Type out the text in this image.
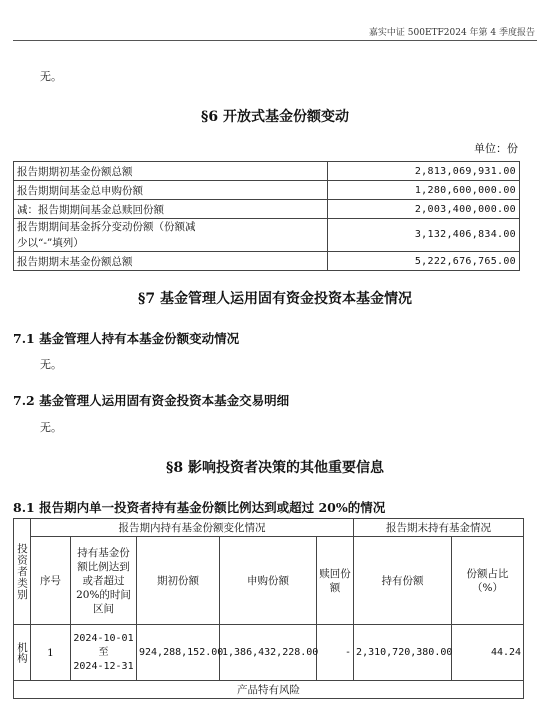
嘉实中证 500ETF2024 年第 4 季度报告
无。
§6 开放式基金份额变动
单位：份
报告期期初基金份额总额	2,813,069,931.00
报告期期间基金总申购份额	1,280,600,000.00
减：报告期期间基金总赎回份额	2,003,400,000.00
报告期期间基金拆分变动份额（份额减
少以“-”填列）	3,132,406,834.00
报告期期末基金份额总额	5,222,676,765.00
§7 基金管理人运用固有资金投资本基金情况
7.1 基金管理人持有本基金份额变动情况
无。
7.2 基金管理人运用固有资金投资本基金交易明细
无。
§8 影响投资者决策的其他重要信息
8.1 报告期内单一投资者持有基金份额比例达到或超过 20%的情况
投资者类别	报告期内持有基金份额变化情况					报告期末持有基金情况	
	序号	持有基金份额比例达到或者超过20%的时间区间	期初份额	申购份额	赎回份额	持有份额	份额占比（%）
机构	1	2024-10-01
至
2024-12-31	924,288,152.00	1,386,432,228.00	-	2,310,720,380.00	44.24
产品特有风险							
